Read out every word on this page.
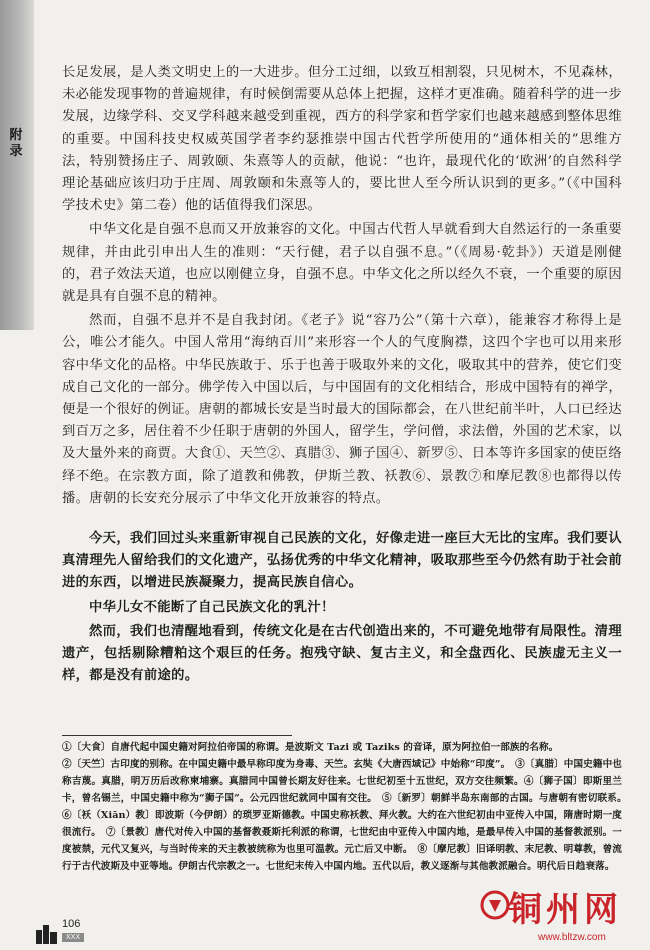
附录

长足发展，是人类文明史上的一大进步。但分工过细，以致互相割裂，只见树木，不见森林，未必能发现事物的普遍规律，有时候倒需要从总体上把握，这样才更准确。随着科学的进一步发展，边缘学科、交叉学科越来越受到重视，西方的科学家和哲学家们也越来越感到整体思维的重要。中国科技史权威英国学者李约瑟推崇中国古代哲学所使用的“通体相关的”思维方法，特别赞扬庄子、周敦颐、朱熹等人的贡献，他说：“也许，最现代化的‘欧洲’的自然科学理论基础应该归功于庄周、周敦颐和朱熹等人的，要比世人至今所认识到的更多。”（《中国科学技术史》第二卷）他的话值得我们深思。

中华文化是自强不息而又开放兼容的文化。中国古代哲人早就看到大自然运行的一条重要规律，并由此引申出人生的准则：“天行健，君子以自强不息。”（《周易·乾卦》）天道是刚健的，君子效法天道，也应以刚健立身，自强不息。中华文化之所以经久不衰，一个重要的原因就是具有自强不息的精神。

然而，自强不息并不是自我封闭。《老子》说“容乃公”（第十六章），能兼容才称得上是公，唯公才能久。中国人常用“海纳百川”来形容一个人的气度胸襟，这四个字也可以用来形容中华文化的品格。中华民族敢于、乐于也善于吸取外来的文化，吸取其中的营养，使它们变成自己文化的一部分。佛学传入中国以后，与中国固有的文化相结合，形成中国特有的禅学，便是一个很好的例证。唐朝的都城长安是当时最大的国际都会，在八世纪前半叶，人口已经达到百万之多，居住着不少任职于唐朝的外国人，留学生，学问僧，求法僧，外国的艺术家，以及大量外来的商贾。大食①、天竺②、真腊③、狮子国④、新罗⑤、日本等许多国家的使臣络绎不绝。在宗教方面，除了道教和佛教，伊斯兰教、袄教⑥、景教⑦和摩尼教⑧也都得以传播。唐朝的长安充分展示了中华文化开放兼容的特点。

今天，我们回过头来重新审视自己民族的文化，好像走进一座巨大无比的宝库。我们要认真清理先人留给我们的文化遗产，弘扬优秀的中华文化精神，吸取那些至今仍然有助于社会前进的东西，以增进民族凝聚力，提高民族自信心。

中华儿女不能断了自己民族文化的乳汁！

然而，我们也清醒地看到，传统文化是在古代创造出来的，不可避免地带有局限性。清理遗产，包括剔除糟粕这个艰巨的任务。抱残守缺、复古主义，和全盘西化、民族虚无主义一样，都是没有前途的。

①〔大食〕自唐代起中国史籍对阿拉伯帝国的称谓。是波斯文 Tazi 或 Taziks 的音译，原为阿拉伯一部族的名称。

②〔天竺〕古印度的别称。在中国史籍中最早称印度为身毒、天竺。玄奘《大唐西域记》中始称“印度”。　③〔真腊〕中国史籍中也称吉蔑。真腊，明万历后改称柬埔寨。真腊同中国曾长期友好往来。七世纪初至十五世纪，双方交往频繁。④〔狮子国〕即斯里兰卡，曾名锡兰，中国史籍中称为“狮子国”。公元四世纪就同中国有交往。　⑤〔新罗〕朝鲜半岛东南部的古国。与唐朝有密切联系。　⑥〔袄（Xiān）教〕即波斯（今伊朗）的琐罗亚斯德教。中国史称袄教、拜火教。大约在六世纪初由中亚传入中国，隋唐时期一度很流行。　⑦〔景教〕唐代对传入中国的基督教聂斯托利派的称谓，七世纪由中亚传入中国内地，是最早传入中国的基督教派别。一度被禁，元代又复兴，与当时传来的天主教被统称为也里可温教。元亡后又中断。　⑧〔摩尼教〕旧译明教、末尼教、明尊教，曾流行于古代波斯及中亚等地。伊朗古代宗教之一。七世纪末传入中国内地。五代以后，教义逐渐与其他教派融合。明代后日趋衰落。

106
XXX
铜州网
www.bltzw.com
